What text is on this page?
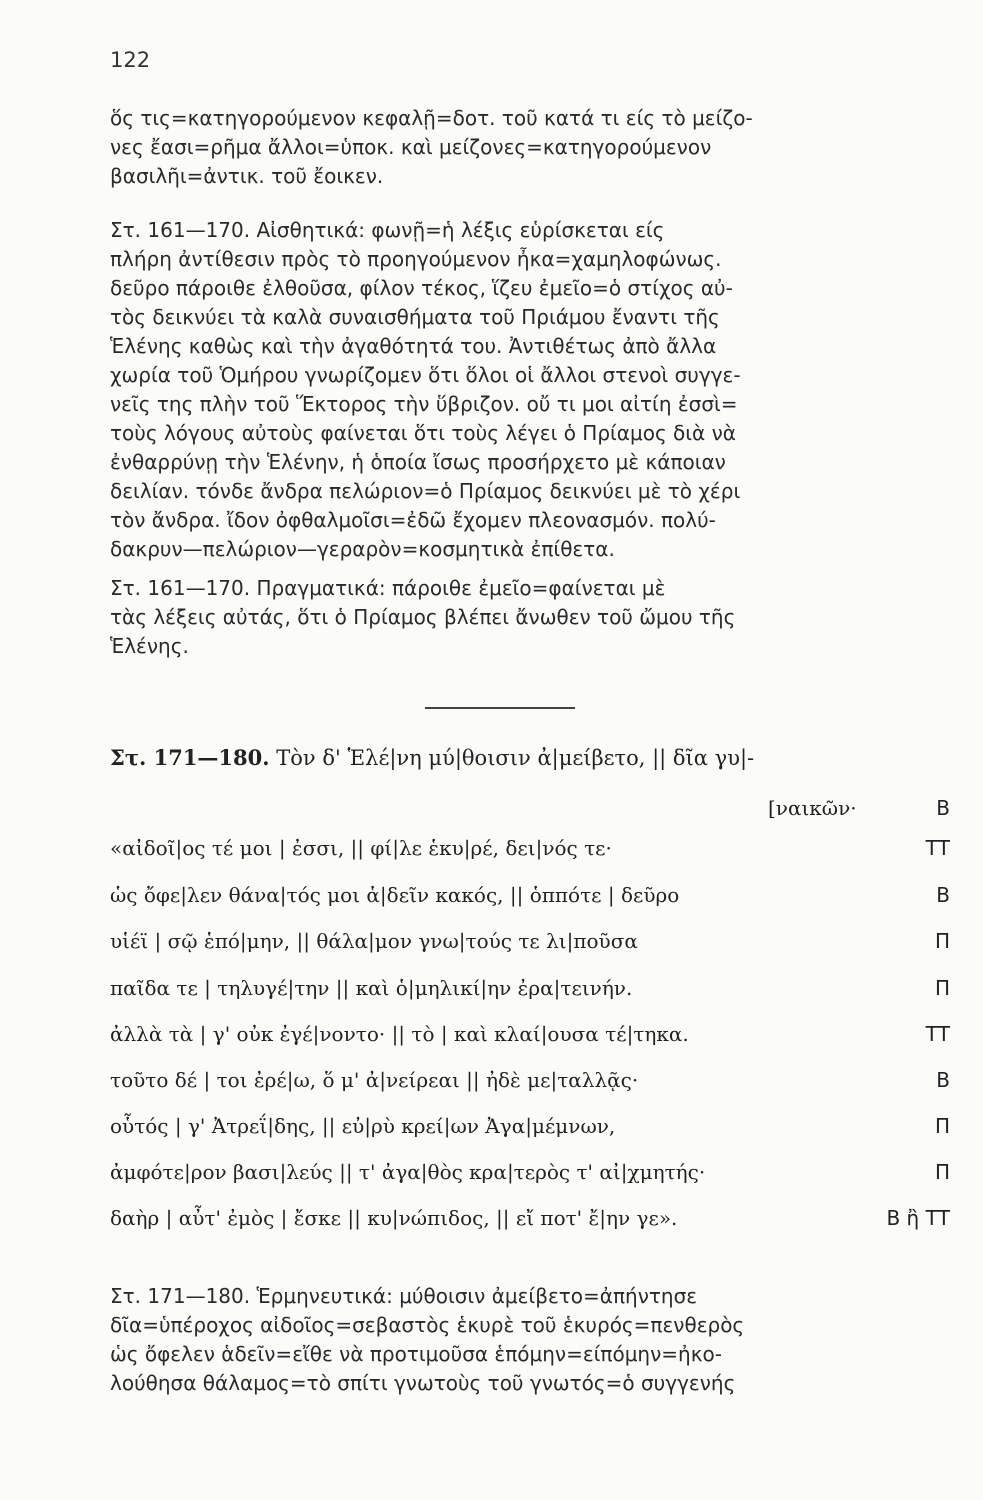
122
ὅς τις=κατηγορούμενον κεφαλῇ=δοτ. τοῦ κατά τι είς τὸ μείζο-
νες ἔασι=ρῆμα ἄλλοι=ὑποκ. καὶ μείζονες=κατηγορούμενον
βασιλῆι=ἀντικ. τοῦ ἔοικεν.
Στ. 161—170. Αἰσθητικά: φωνῇ=ἡ λέξις εὑρίσκεται είς
πλήρη ἀντίθεσιν πρὸς τὸ προηγούμενον ἦκα=χαμηλοφώνως.
δεῦρο πάροιθε ἐλθοῦσα, φίλον τέκος, ἵζευ ἐμεῖο=ὁ στίχος αὐ-
τὸς δεικνύει τὰ καλὰ συναισθήματα τοῦ Πριάμου ἔναντι τῆς
Ἑλένης καθὼς καὶ τὴν ἀγαθότητά του. Ἀντιθέτως ἀπὸ ἄλλα
χωρία τοῦ Ὁμήρου γνωρίζομεν ὅτι ὅλοι οἱ ἄλλοι στενοὶ συγγε-
νεῖς της πλὴν τοῦ Ἕκτορος τὴν ὕβριζον. οὔ τι μοι αἰτίη ἐσσὶ=
τοὺς λόγους αὐτοὺς φαίνεται ὅτι τοὺς λέγει ὁ Πρίαμος διὰ νὰ
ἐνθαρρύνῃ τὴν Ἑλένην, ἡ ὁποία ἴσως προσήρχετο μὲ κάποιαν
δειλίαν. τόνδε ἄνδρα πελώριον=ὁ Πρίαμος δεικνύει μὲ τὸ χέρι
τὸν ἄνδρα. ἴδον ὀφθαλμοῖσι=ἐδῶ ἔχομεν πλεονασμόν. πολύ-
δακρυν—πελώριον—γεραρὸν=κοσμητικὰ ἐπίθετα.
Στ. 161—170. Πραγματικά: πάροιθε ἐμεῖο=φαίνεται μὲ
τὰς λέξεις αὐτάς, ὅτι ὁ Πρίαμος βλέπει ἄνωθεν τοῦ ὤμου τῆς
Ἑλένης.
Στ. 171—180. Τὸν δ' Ἑλέ|νη μύ|θοισιν ἀ|μείβετο, || δῖα γυ|-
[ναικῶν·	Β
«αἰδοῖ|ος τέ μοι | ἐσσι, || φί|λε ἑκυ|ρέ, δει|νός τε·	ΤΤ
ὡς ὄφε|λεν θάνα|τός μοι ἁ|δεῖν κακός, || ὁππότε | δεῦρο	Β
υἱέϊ | σῷ ἑπό|μην, || θάλα|μον γνω|τούς τε λι|ποῦσα	Π
παῖδα τε | τηλυγέ|την || καὶ ὁ|μηλικί|ην ἐρα|τεινήν.	Π
ἀλλὰ τὰ | γ' οὐκ ἐγέ|νοντο· || τὸ | καὶ κλαί|ουσα τέ|τηκα.	ΤΤ
τοῦτο δέ | τοι ἐρέ|ω, ὅ μ' ἀ|νείρεαι || ἠδὲ με|ταλλᾷς·	Β
οὗτός | γ' Ἀτρεΐ|δης, || εὐ|ρὺ κρεί|ων Ἀγα|μέμνων,	Π
ἀμφότε|ρον βασι|λεύς || τ' ἀγα|θὸς κρα|τερὸς τ' αἰ|χμητής·	Π
δαὴρ | αὖτ' ἐμὸς | ἔσκε || κυ|νώπιδος, || εἴ ποτ' ἔ|ην γε».	Β ἢ ΤΤ
Στ. 171—180. Ἑρμηνευτικά: μύθοισιν ἀμείβετο=ἀπήντησε
δῖα=ὑπέροχος αἰδοῖος=σεβαστὸς ἑκυρὲ τοῦ ἑκυρός=πενθερὸς
ὡς ὄφελεν ἁδεῖν=εἴθε νὰ προτιμοῦσα ἑπόμην=είπόμην=ἠκο-
λούθησα θάλαμος=τὸ σπίτι γνωτοὺς τοῦ γνωτός=ὁ συγγενής
